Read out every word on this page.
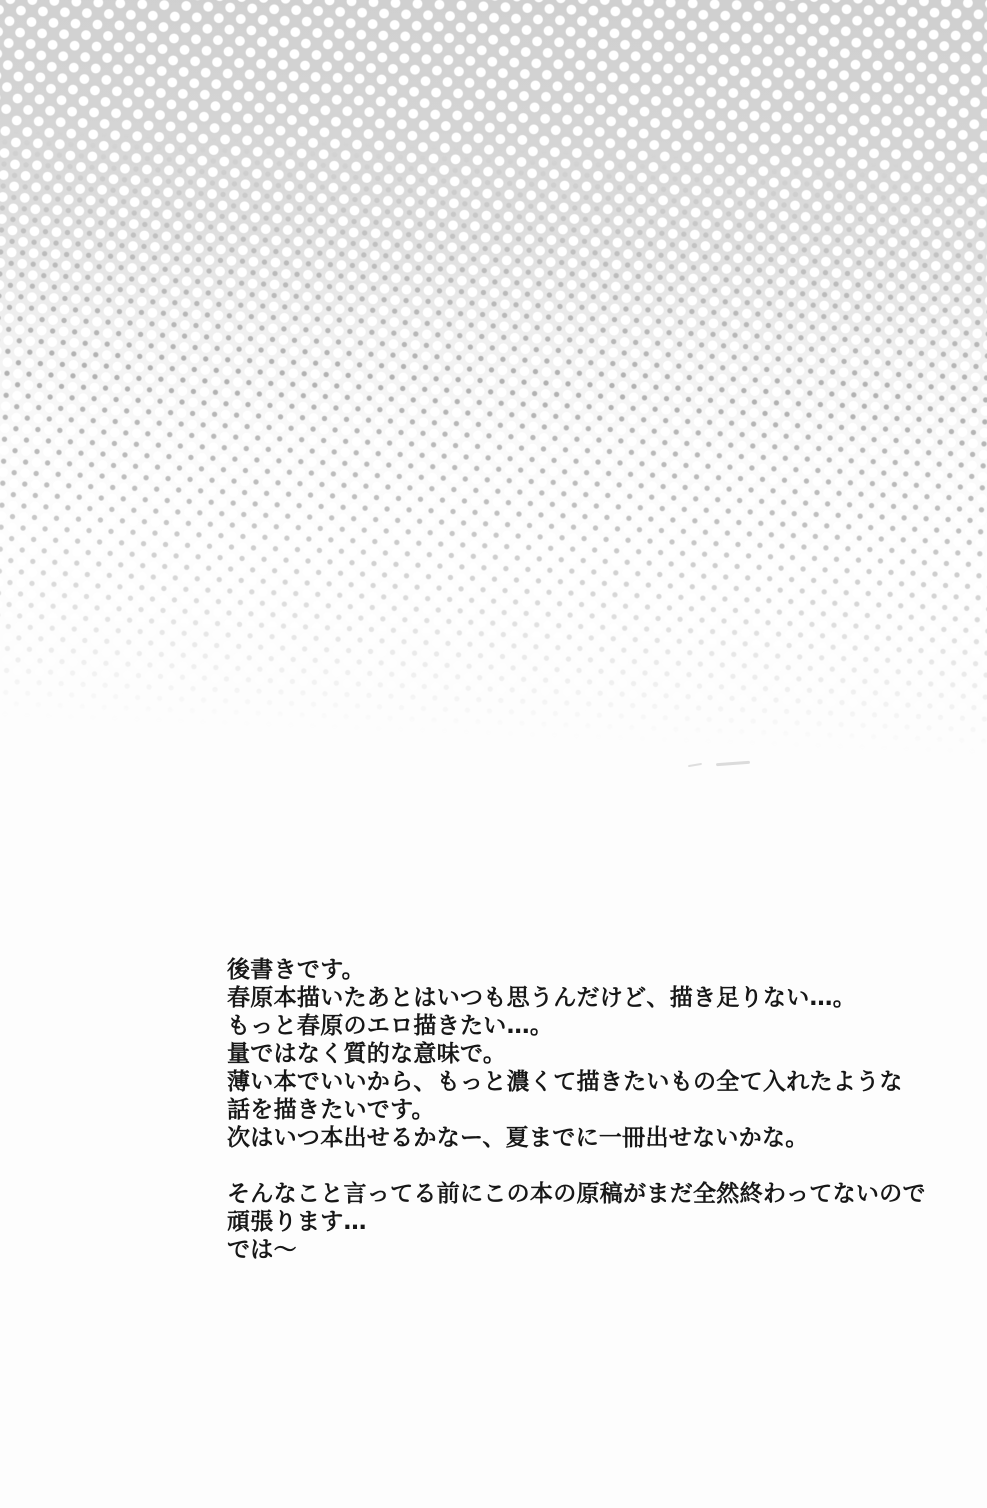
後書きです。
春原本描いたあとはいつも思うんだけど、描き足りない…。
もっと春原のエロ描きたい…。
量ではなく質的な意味で。
薄い本でいいから、もっと濃くて描きたいもの全て入れたような
話を描きたいです。
次はいつ本出せるかなー、夏までに一冊出せないかな。
そんなこと言ってる前にこの本の原稿がまだ全然終わってないので
頑張ります…
では〜
